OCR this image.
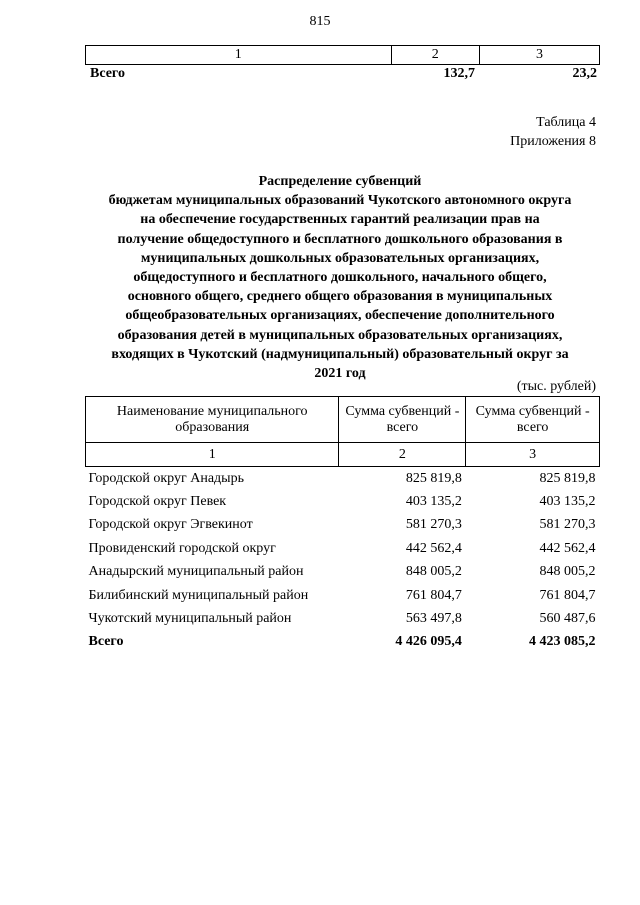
815
1	2	3
Всего	132,7	23,2
Таблица 4
Приложения 8
Распределение субвенций
бюджетам муниципальных образований Чукотского автономного округа
на обеспечение государственных гарантий реализации прав на
получение общедоступного и бесплатного дошкольного образования в
муниципальных дошкольных образовательных организациях,
общедоступного и бесплатного дошкольного, начального общего,
основного общего, среднего общего образования в муниципальных
общеобразовательных организациях, обеспечение дополнительного
образования детей в муниципальных образовательных организациях,
входящих в Чукотский (надмуниципальный) образовательный округ за
2021 год
(тыс. рублей)
Наименование муниципального образования	Сумма субвенций - всего	Сумма субвенций - всего
1	2	3
Городской округ Анадырь	825 819,8	825 819,8
Городской округ Певек	403 135,2	403 135,2
Городской округ Эгвекинот	581 270,3	581 270,3
Провиденский городской округ	442 562,4	442 562,4
Анадырский муниципальный район	848 005,2	848 005,2
Билибинский муниципальный район	761 804,7	761 804,7
Чукотский муниципальный район	563 497,8	560 487,6
Всего	4 426 095,4	4 423 085,2
